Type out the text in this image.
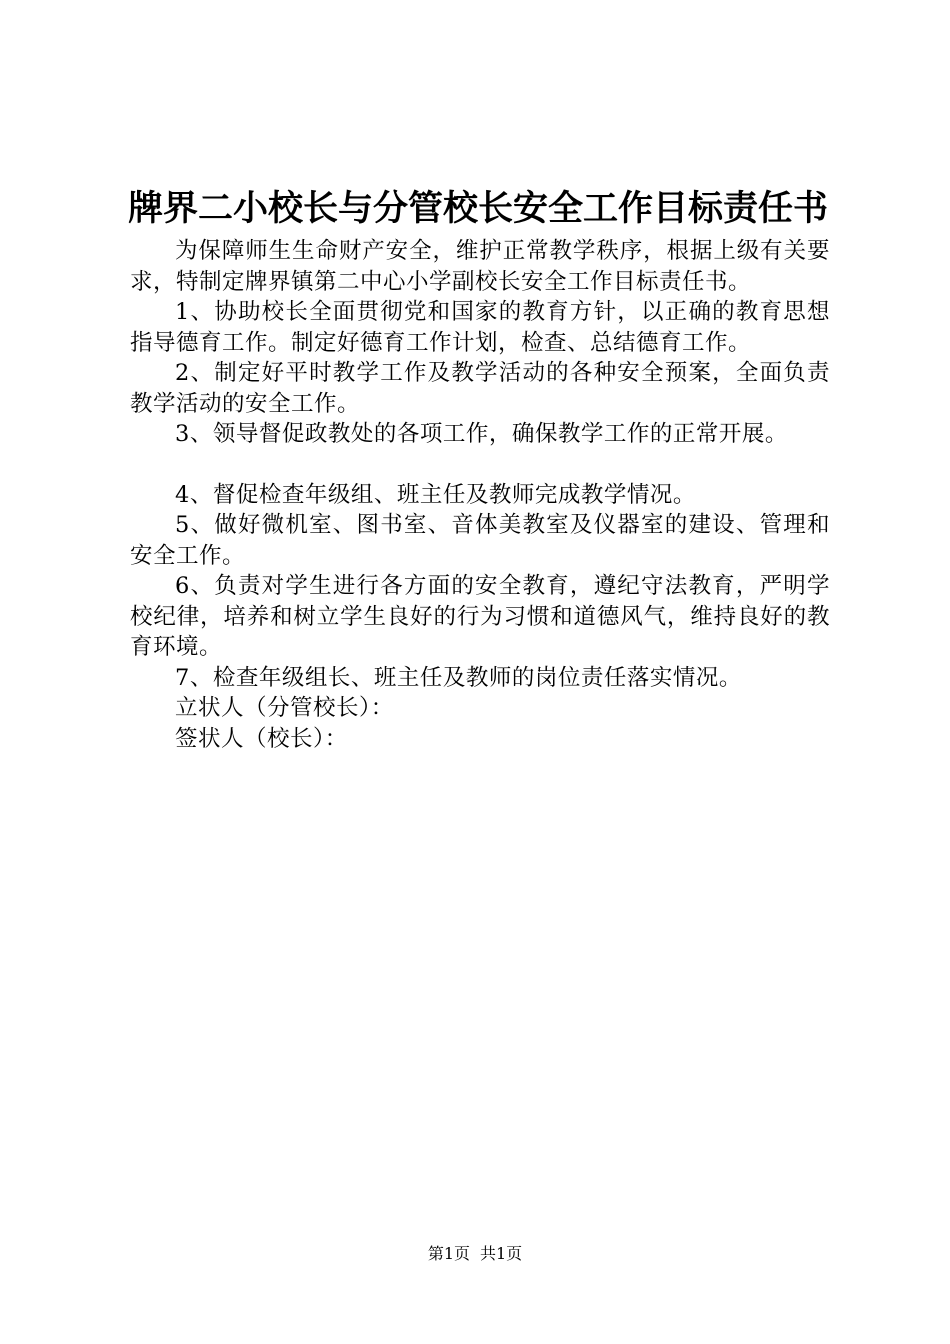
牌界二小校长与分管校长安全工作目标责任书

为保障师生生命财产安全，维护正常教学秩序，根据上级有关要求，特制定牌界镇第二中心小学副校长安全工作目标责任书。

1、协助校长全面贯彻党和国家的教育方针，以正确的教育思想指导德育工作。制定好德育工作计划，检查、总结德育工作。

2、制定好平时教学工作及教学活动的各种安全预案，全面负责教学活动的安全工作。

3、领导督促政教处的各项工作，确保教学工作的正常开展。

4、督促检查年级组、班主任及教师完成教学情况。

5、做好微机室、图书室、音体美教室及仪器室的建设、管理和安全工作。

6、负责对学生进行各方面的安全教育，遵纪守法教育，严明学校纪律，培养和树立学生良好的行为习惯和道德风气，维持良好的教育环境。

7、检查年级组长、班主任及教师的岗位责任落实情况。

立状人（分管校长）：

签状人（校长）：

第1页 共1页
